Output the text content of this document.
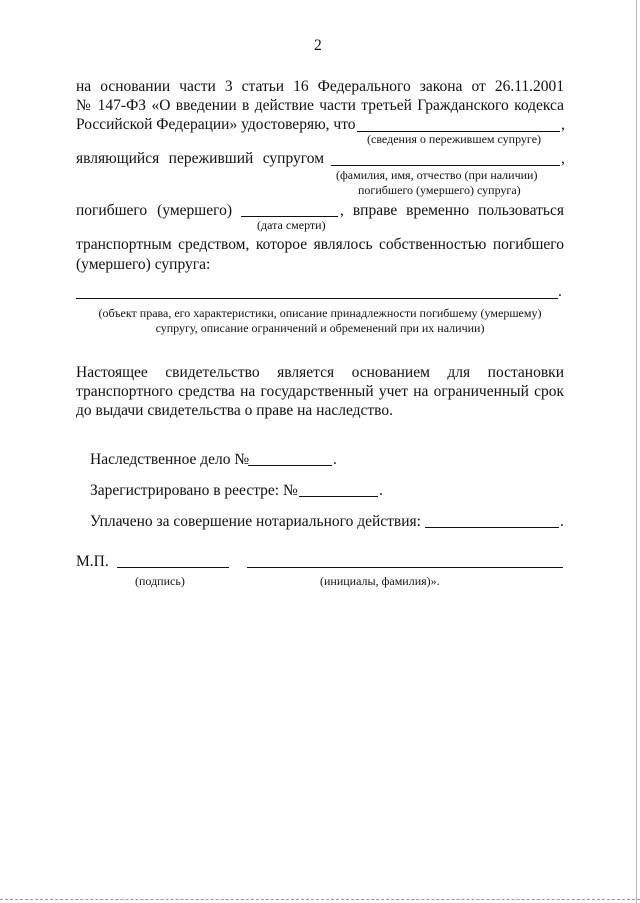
2
на основании части 3 статьи 16 Федерального закона от 26.11.2001
№ 147-ФЗ «О введении в действие части третьей Гражданского кодекса
Российской Федерации» удостоверяю, что	,
(сведения о пережившем супруге)
являющийся переживший супругом	,
(фамилия, имя, отчество (при наличии)
погибшего (умершего) супруга)
погибшего (умершего)	, вправе временно пользоваться
(дата смерти)
транспортным средством, которое являлось собственностью погибшего
(умершего) супруга:
.
(объект права, его характеристики, описание принадлежности погибшему (умершему)
супругу, описание ограничений и обременений при их наличии)
Настоящее свидетельство является основанием для постановки
транспортного средства на государственный учет на ограниченный срок
до выдачи свидетельства о праве на наследство.
Наследственное дело №	.
Зарегистрировано в реестре: №	.
Уплачено за совершение нотариального действия:	.
М.П.
(подпись)	(инициалы, фамилия)».
